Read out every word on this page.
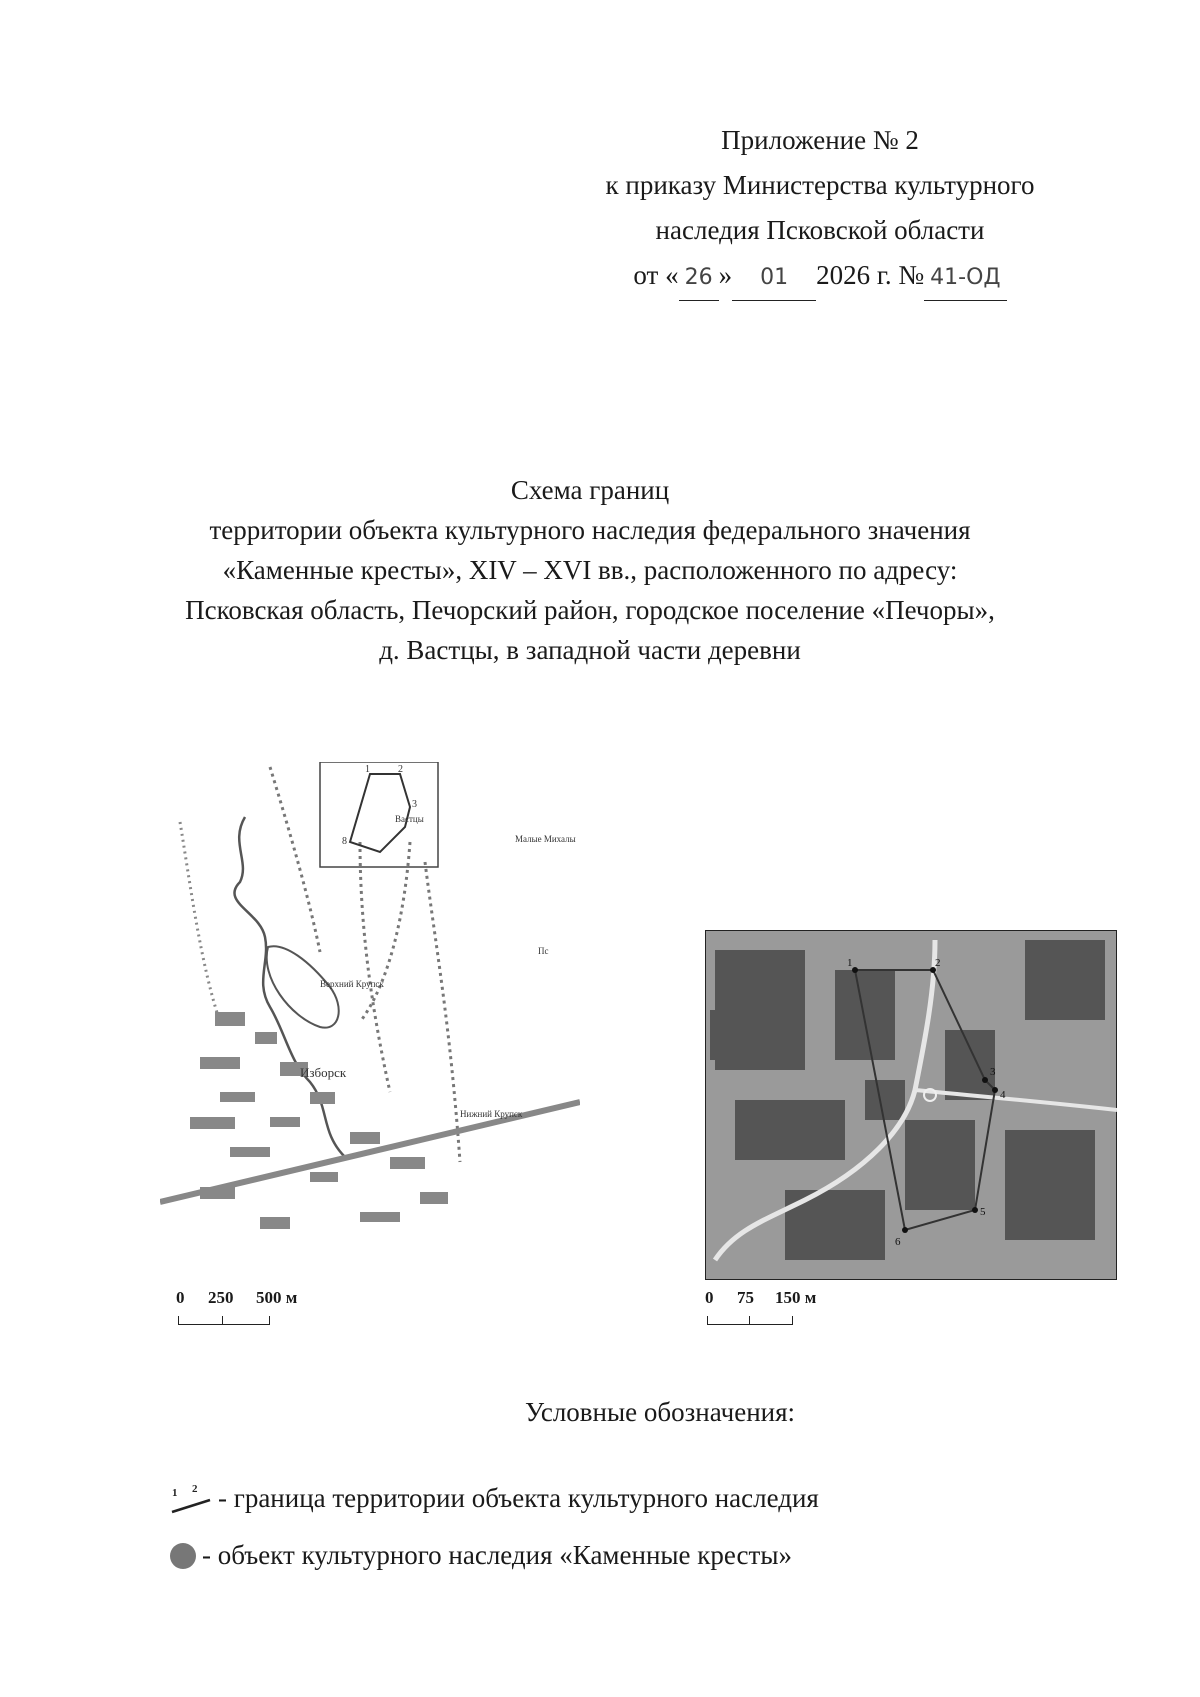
Приложение № 2
к приказу Министерства культурного
наследия Псковской области
от « 26 » 01 2026 г. № 41-ОД
Схема границ
территории объекта культурного наследия федерального значения
«Каменные кресты», XIV – XVI вв., расположенного по адресу:
Псковская область, Печорский район, городское поселение «Печоры»,
д. Вастцы, в западной части деревни
1	2
3
8
Вастцы
Изборск
Малые Михалы
Верхний Крупск
Нижний Крупск
Пс
1	2
3
4
5
6
0 250 500 м	0 75 150 м
Условные обозначения:
1 2 - граница территории объекта культурного наследия
- объект культурного наследия «Каменные кресты»
